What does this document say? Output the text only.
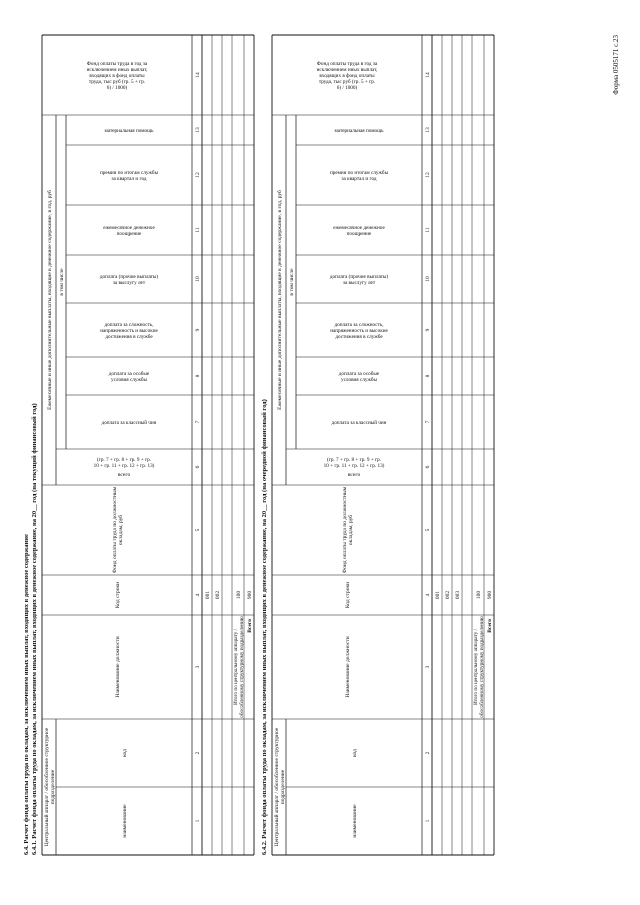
Форма 0505171 с.23
6.4. Расчет фонда оплаты труда по окладам, за исключением иных выплат, входящих в денежное содержание 6.4.1. Расчет фонда оплаты труда по окладам, за исключением иных выплат, входящих в денежное содержание, на 20__ год (на текущий финансовый год)	6.4.2. Расчет фонда оплаты труда по окладам, за исключением иных выплат, входящих в денежное содержание, на 20__ год (на очередной финансовый год)
Центральный аппарат / обособленное структурноеподразделение
наименование
код
Наименование должности
Код строки
Фонд оплаты труда по должностнымокладам, руб
Ежемесячные и иные дополнительные выплаты, входящие в денежное содержание, в год, руб
всего
(гр. 7 + гр. 8 + гр. 9 + гр. 10 + гр. 11 + гр. 12 + гр. 13)
в том числе
доплата за классный чин
доплата за особые условия службы
доплата за сложность, напряженность и высокие достижения в службе
доплата (прочие выплаты) за выслугу лет
ежемесячное денежное поощрение
премии по итогам службы за квартал и год
материальная помощь
Фонд оплаты труда в год за исключением иных выплат, входящих в фонд оплаты труда, тыс руб (гр. 5 + гр. 6) / 1000)
1
2
3
4
5
6
7
8
9
10
11
12
13
14
001 002
Итого по центральному аппарату /обособленному структурному подразделению
100
Всего
900
Центральный аппарат / обособленное структурноеподразделение
наименование
код
Наименование должности
Код строки
Фонд оплаты труда по должностнымокладам, руб
Ежемесячные и иные дополнительные выплаты, входящие в денежное содержание, в год, руб
всего
(гр. 7 + гр. 8 + гр. 9 + гр. 10 + гр. 11 + гр. 12 + гр. 13)
в том числе
доплата за классный чин
доплата за особые условия службы
доплата за сложность, напряженность и высокие достижения в службе
доплата (прочие выплаты) за выслугу лет
ежемесячное денежное поощрение
премии по итогам службы за квартал и год
материальная помощь
Фонд оплаты труда в год за исключением иных выплат, входящих в фонд оплаты труда, тыс руб (гр. 5 + гр. 6) / 1000)
1
2
3
4
5
6
7
8
9
10
11
12
13
14
001 002 003
Итого по центральному аппарату /обособленному структурному подразделению
100
Всего
900
